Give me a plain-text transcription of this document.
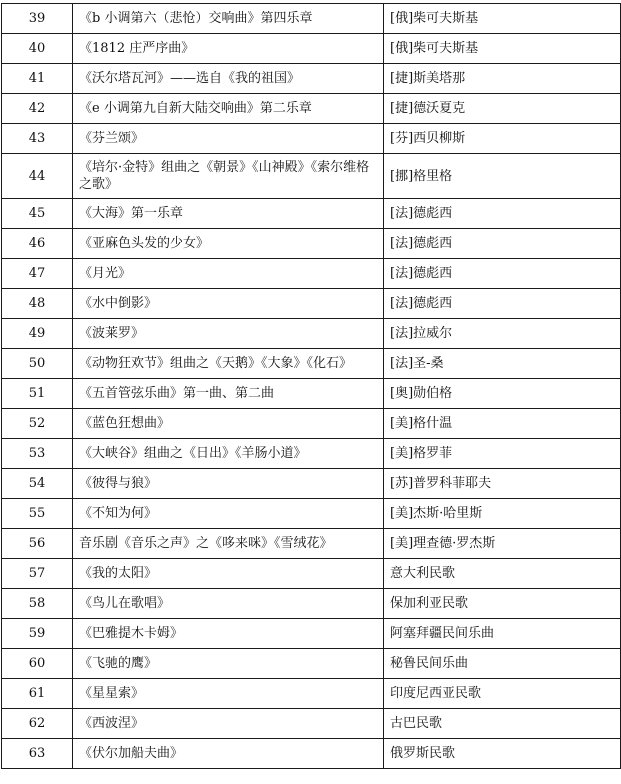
39	《b 小调第六（悲怆）交响曲》第四乐章	[俄]柴可夫斯基
40	《1812 庄严序曲》	[俄]柴可夫斯基
41	《沃尔塔瓦河》——选自《我的祖国》	[捷]斯美塔那
42	《e 小调第九自新大陆交响曲》第二乐章	[捷]德沃夏克
43	《芬兰颂》	[芬]西贝柳斯
44	《培尔·金特》组曲之《朝景》《山神殿》《索尔维格之歌》	[挪]格里格
45	《大海》第一乐章	[法]德彪西
46	《亚麻色头发的少女》	[法]德彪西
47	《月光》	[法]德彪西
48	《水中倒影》	[法]德彪西
49	《波莱罗》	[法]拉威尔
50	《动物狂欢节》组曲之《天鹅》《大象》《化石》	[法]圣-桑
51	《五首管弦乐曲》第一曲、第二曲	[奥]勋伯格
52	《蓝色狂想曲》	[美]格什温
53	《大峡谷》组曲之《日出》《羊肠小道》	[美]格罗菲
54	《彼得与狼》	[苏]普罗科菲耶夫
55	《不知为何》	[美]杰斯·哈里斯
56	音乐剧《音乐之声》之《哆来咪》《雪绒花》	[美]理查德·罗杰斯
57	《我的太阳》	意大利民歌
58	《鸟儿在歌唱》	保加利亚民歌
59	《巴雅提木卡姆》	阿塞拜疆民间乐曲
60	《飞驰的鹰》	秘鲁民间乐曲
61	《星星索》	印度尼西亚民歌
62	《西波涅》	古巴民歌
63	《伏尔加船夫曲》	俄罗斯民歌
